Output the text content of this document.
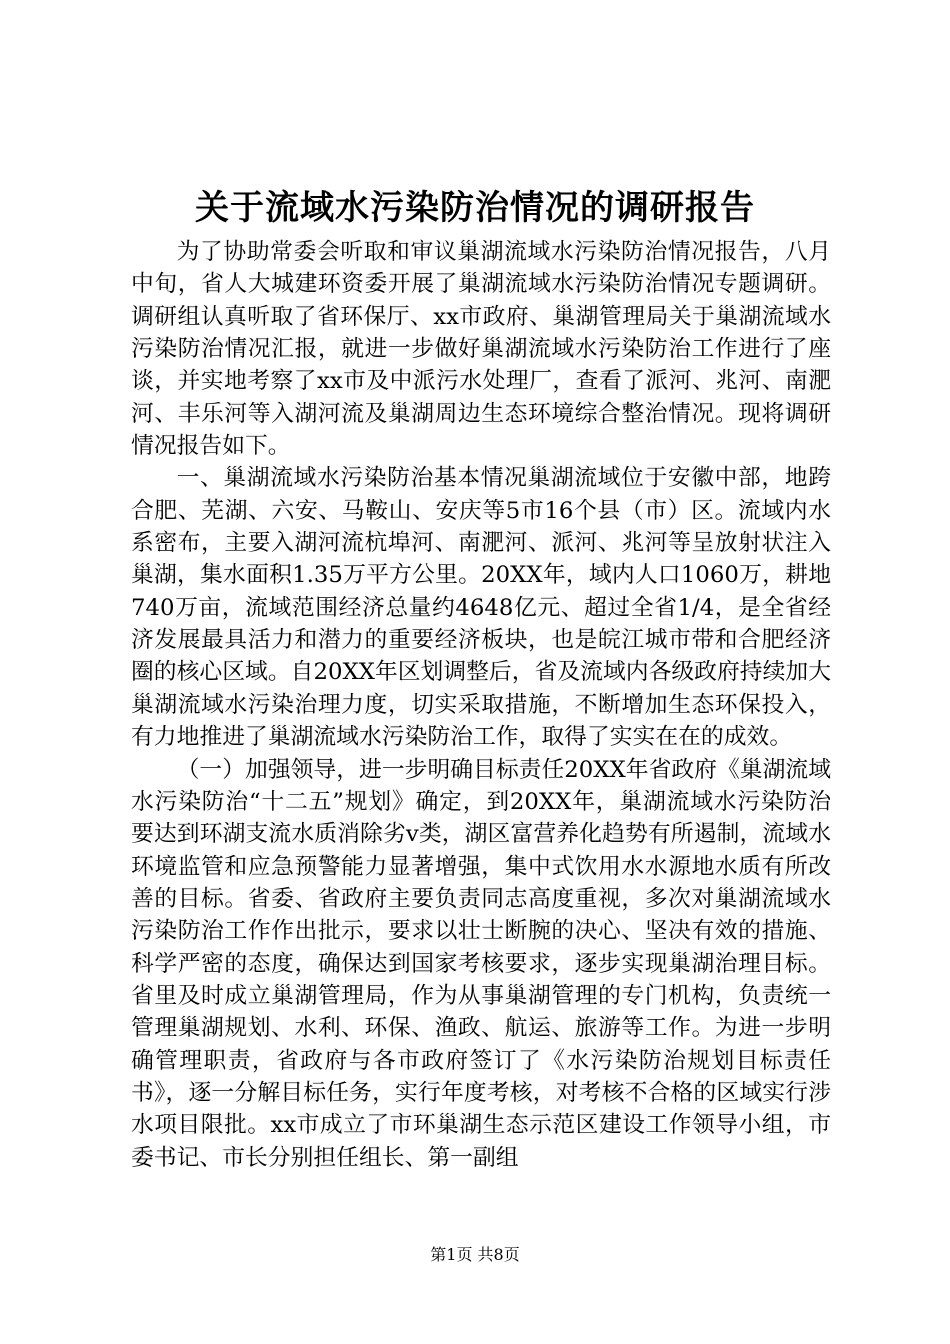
关于流域水污染防治情况的调研报告

为了协助常委会听取和审议巢湖流域水污染防治情况报告，八月中旬，省人大城建环资委开展了巢湖流域水污染防治情况专题调研。调研组认真听取了省环保厅、xx市政府、巢湖管理局关于巢湖流域水污染防治情况汇报，就进一步做好巢湖流域水污染防治工作进行了座谈，并实地考察了xx市及中派污水处理厂，查看了派河、兆河、南淝河、丰乐河等入湖河流及巢湖周边生态环境综合整治情况。现将调研情况报告如下。

一、巢湖流域水污染防治基本情况巢湖流域位于安徽中部，地跨合肥、芜湖、六安、马鞍山、安庆等5市16个县（市）区。流域内水系密布，主要入湖河流杭埠河、南淝河、派河、兆河等呈放射状注入巢湖，集水面积1.35万平方公里。20XX年，域内人口1060万，耕地740万亩，流域范围经济总量约4648亿元、超过全省1/4，是全省经济发展最具活力和潜力的重要经济板块，也是皖江城市带和合肥经济圈的核心区域。自20XX年区划调整后，省及流域内各级政府持续加大巢湖流域水污染治理力度，切实采取措施，不断增加生态环保投入，有力地推进了巢湖流域水污染防治工作，取得了实实在在的成效。

（一）加强领导，进一步明确目标责任20XX年省政府《巢湖流域水污染防治“十二五”规划》确定，到20XX年，巢湖流域水污染防治要达到环湖支流水质消除劣v类，湖区富营养化趋势有所遏制，流域水环境监管和应急预警能力显著增强，集中式饮用水水源地水质有所改善的目标。省委、省政府主要负责同志高度重视，多次对巢湖流域水污染防治工作作出批示，要求以壮士断腕的决心、坚决有效的措施、科学严密的态度，确保达到国家考核要求，逐步实现巢湖治理目标。省里及时成立巢湖管理局，作为从事巢湖管理的专门机构，负责统一管理巢湖规划、水利、环保、渔政、航运、旅游等工作。为进一步明确管理职责，省政府与各市政府签订了《水污染防治规划目标责任书》，逐一分解目标任务，实行年度考核，对考核不合格的区域实行涉水项目限批。xx市成立了市环巢湖生态示范区建设工作领导小组，市委书记、市长分别担任组长、第一副组

第1页 共8页
